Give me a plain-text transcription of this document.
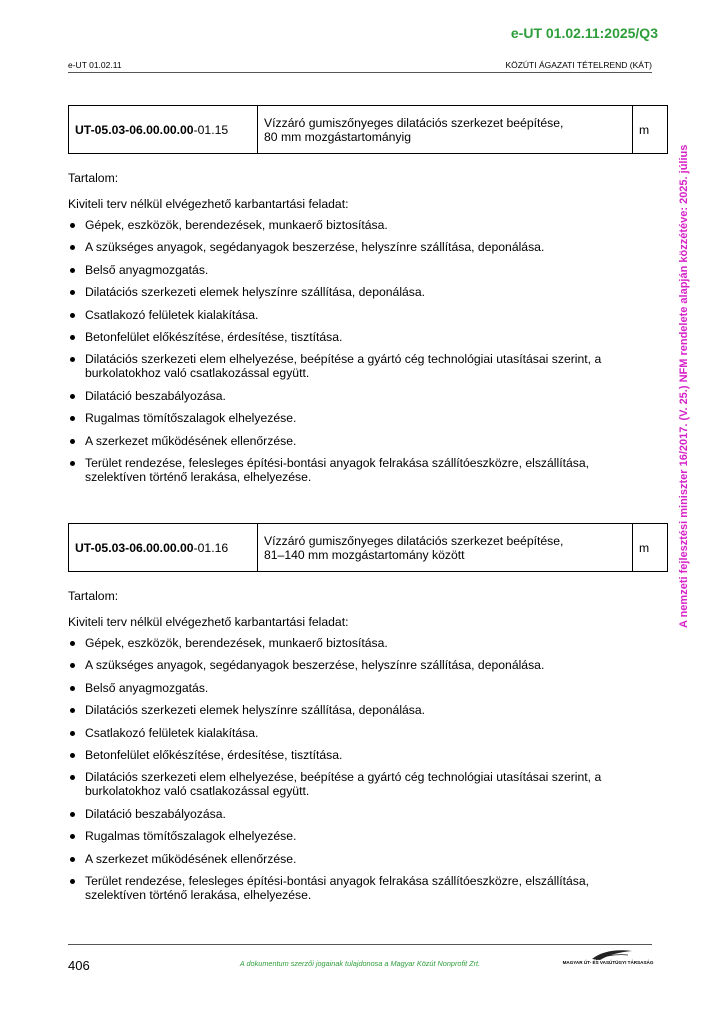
e-UT 01.02.11:2025/Q3
e-UT 01.02.11	KÖZÚTI ÁGAZATI TÉTELREND (KÁT)
A nemzeti fejlesztési miniszter 16/2017. (V. 25.) NFM rendelete alapján közzétéve: 2025. július
UT-05.03-06.00.00.00-01.15	Vízzáró gumiszőnyeges dilatációs szerkezet beépítése,
80 mm mozgástartományig	m

Tartalom:

Kiviteli terv nélkül elvégezhető karbantartási feladat:

Gépek, eszközök, berendezések, munkaerő biztosítása.
A szükséges anyagok, segédanyagok beszerzése, helyszínre szállítása, deponálása.
Belső anyagmozgatás.
Dilatációs szerkezeti elemek helyszínre szállítása, deponálása.
Csatlakozó felületek kialakítása.
Betonfelület előkészítése, érdesítése, tisztítása.
Dilatációs szerkezeti elem elhelyezése, beépítése a gyártó cég technológiai utasításai szerint, a burkolatokhoz való csatlakozással együtt.
Dilatáció beszabályozása.
Rugalmas tömítőszalagok elhelyezése.
A szerkezet működésének ellenőrzése.
Terület rendezése, felesleges építési-bontási anyagok felrakása szállítóeszközre, elszállítása, szelektíven történő lerakása, elhelyezése.
UT-05.03-06.00.00.00-01.16	Vízzáró gumiszőnyeges dilatációs szerkezet beépítése,
81–140 mm mozgástartomány között	m

Tartalom:

Kiviteli terv nélkül elvégezhető karbantartási feladat:

Gépek, eszközök, berendezések, munkaerő biztosítása.
A szükséges anyagok, segédanyagok beszerzése, helyszínre szállítása, deponálása.
Belső anyagmozgatás.
Dilatációs szerkezeti elemek helyszínre szállítása, deponálása.
Csatlakozó felületek kialakítása.
Betonfelület előkészítése, érdesítése, tisztítása.
Dilatációs szerkezeti elem elhelyezése, beépítése a gyártó cég technológiai utasításai szerint, a burkolatokhoz való csatlakozással együtt.
Dilatáció beszabályozása.
Rugalmas tömítőszalagok elhelyezése.
A szerkezet működésének ellenőrzése.
Terület rendezése, felesleges építési-bontási anyagok felrakása szállítóeszközre, elszállítása, szelektíven történő lerakása, elhelyezése.
406	A dokumentum szerzői jogainak tulajdonosa a Magyar Közút Nonprofit Zrt.	MAGYAR ÚT- ÉS VASÚTÜGYI TÁRSASÁG
